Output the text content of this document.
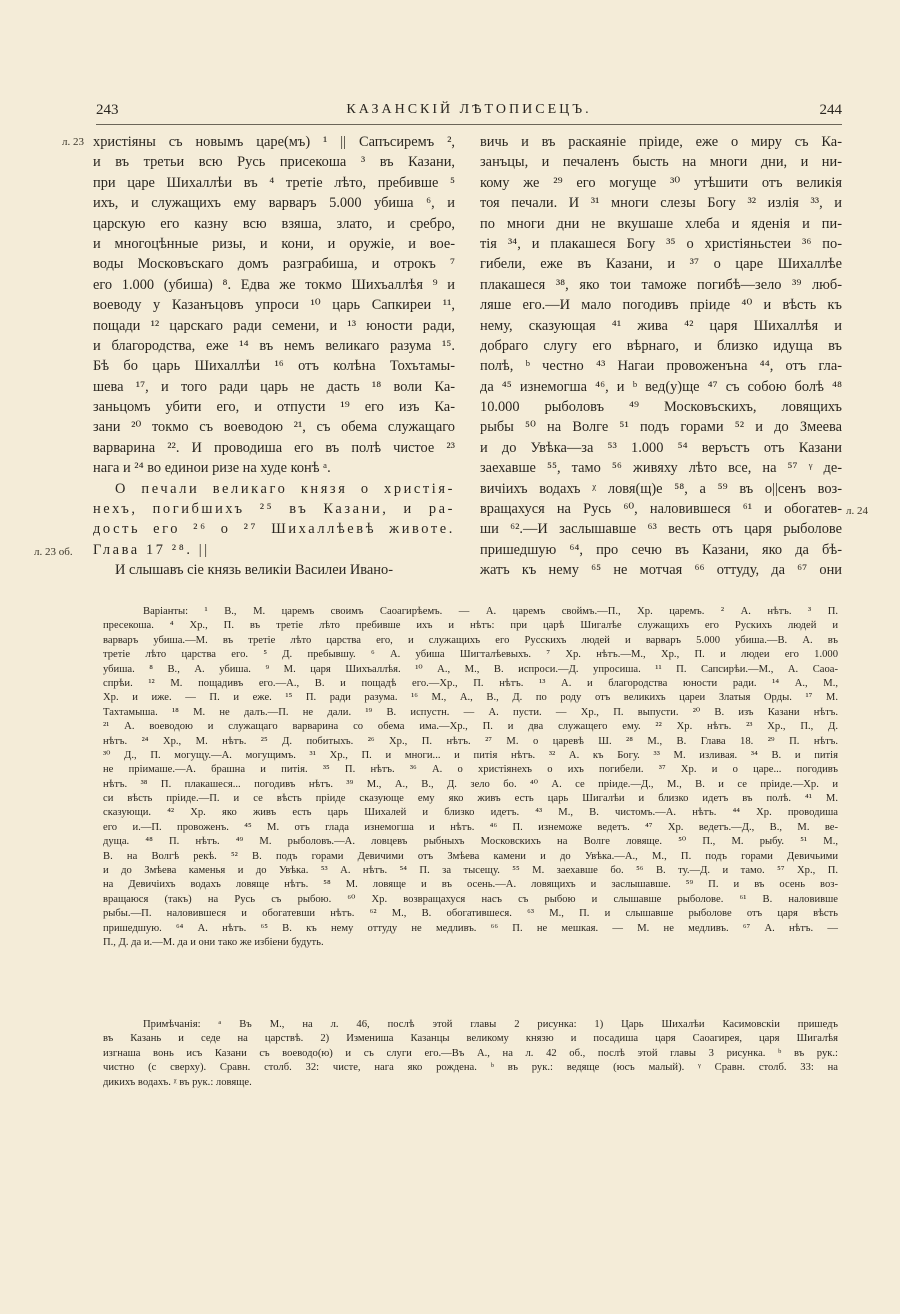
243	КАЗАНСКІЙ ЛѢТОПИСЕЦЪ.	244
л. 23
л. 23 об.
л. 24
христіяны съ новымъ царе(мъ) ¹ || Сапъсиремъ ²,
и въ третьи всю Русь присекоша ³ въ Казани,
при царе Шихаллѣи въ ⁴ третіе лѣто, пребивше ⁵
ихъ, и служащихъ ему варваръ 5.000 убиша ⁶, и
царскую его казну всю взяша, злато, и сребро,
и многоцѣнные ризы, и кони, и оружіе, и вое-
воды Московъскаго домъ разграбиша, и отрокъ ⁷
его 1.000 (убиша) ⁸. Едва же токмо Шихъаллѣя ⁹ и
воеводу у Казанъцовъ упроси ¹⁰ царь Сапкиреи ¹¹,
пощади ¹² царскаго ради семени, и ¹³ юности ради,
и благородства, еже ¹⁴ въ немъ великаго разума ¹⁵.
Бѣ бо царь Шихаллѣи ¹⁶ отъ колѣна Тохътамы-
шева ¹⁷, и того ради царь не дасть ¹⁸ воли Ка-
заньцомъ убити его, и отпусти ¹⁹ его изъ Ка-
зани ²⁰ токмо съ воеводою ²¹, съ обема служащаго
варварина ²². И проводиша его въ полѣ чистое ²³
нага и ²⁴ во единои ризе на худе конѣ ᵃ.
О печали великаго князя о христія-
нехъ, погибшихъ ²⁵ въ Казани, и ра-
дость его ²⁶ о ²⁷ Шихаллѣевѣ животе.
Глава 17 ²⁸. ||
И слышавъ сіе князь великіи Василеи Ивано-
вичь и въ раскаяніе пріиде, еже о миру съ Ка-
занъцы, и печаленъ бысть на многи дни, и ни-
кому же ²⁹ его могуще ³⁰ утѣшити отъ великія
тоя печали. И ³¹ многи слезы Богу ³² излія ³³, и
по многи дни не вкушаше хлеба и яденія и пи-
тія ³⁴, и плакашеся Богу ³⁵ о христіяньстеи ³⁶ по-
гибели, еже въ Казани, и ³⁷ о царе Шихаллѣе
плакашеся ³⁸, яко тои таможе погибѣ—зело ³⁹ люб-
ляше его.—И мало погодивъ пріиде ⁴⁰ и вѣсть къ
нему, сказующая ⁴¹ жива ⁴² царя Шихаллѣя и
добраго слугу его вѣрнаго, и близко идуща въ
полѣ, ᵇ честно ⁴³ Нагаи провоженъна ⁴⁴, отъ гла-
да ⁴⁵ изнемогша ⁴⁶, и ᵇ вед(у)ще ⁴⁷ съ собою болѣ ⁴⁸
10.000 рыболовъ ⁴⁹ Московъскихъ, ловящихъ
рыбы ⁵⁰ на Волге ⁵¹ подъ горами ⁵² и до Змеева
и до Увѣка—за ⁵³ 1.000 ⁵⁴ веръстъ отъ Казани
заехавше ⁵⁵, тамо ⁵⁶ живяху лѣто все, на ⁵⁷ ᵞ де-
вичіихъ водахъ ᵡ ловя(щ)е ⁵⁸, а ⁵⁹ въ о||сенъ воз-
вращахуся на Русь ⁶⁰, наловившеся ⁶¹ и обогатев-
ши ⁶².—И заслышавше ⁶³ весть отъ царя рыболове
пришедшую ⁶⁴, про сечю въ Казани, яко да бѣ-
жатъ къ нему ⁶⁵ не мотчая ⁶⁶ оттуду, да ⁶⁷ они
Варіанты: ¹ В., М. царемъ своимъ Саоагирѣемъ. — А. царемъ своймъ.—П., Хр. царемъ. ² А. нѣтъ. ³ П.
пресекоша. ⁴ Хр., П. въ третіе лѣто пребивше ихъ и нѣтъ: при царѣ Шигалѣе служащихъ его Рускихъ людей и
варваръ убиша.—М. въ третіе лѣто царства его, и служащихъ его Русскихъ людей и варваръ 5.000 убиша.—В. А. въ
третіе лѣто царства его. ⁵ Д. пребывшу. ⁶ А. убиша Шигталѣевыхъ. ⁷ Хр. нѣтъ.—М., Хр., П. и людеи его 1.000
убиша. ⁸ В., А. убиша. ⁹ М. царя Шихъаллѣя. ¹⁰ А., М., В. испроси.—Д. упросиша. ¹¹ П. Сапсирѣи.—М., А. Саоа-
спрѣи. ¹² М. пощадивъ его.—А., В. и пощадѣ его.—Хр., П. нѣтъ. ¹³ А. и благородства юности ради. ¹⁴ А., М.,
Хр. и иже. — П. и еже. ¹⁵ П. ради разума. ¹⁶ М., А., В., Д. по роду отъ великихъ цареи Златыя Орды. ¹⁷ М.
Тахтамыша. ¹⁸ М. не далъ.—П. не дали. ¹⁹ В. испустн. — А. пусти. — Хр., П. выпусти. ²⁰ В. изъ Казани нѣтъ.
²¹ А. воеводою и служащаго варварина со обема има.—Хр., П. и два служащего ему. ²² Хр. нѣтъ. ²³ Хр., П., Д.
нѣтъ. ²⁴ Хр., М. нѣтъ. ²⁵ Д. побитыхъ. ²⁶ Хр., П. нѣтъ. ²⁷ М. о царевѣ Ш. ²⁸ М., В. Глава 18. ²⁹ П. нѣтъ.
³⁰ Д., П. могущу.—А. могущимъ. ³¹ Хр., П. и многи... и питія нѣтъ. ³² А. къ Богу. ³³ М. изливая. ³⁴ В. и питія
не пріимаше.—А. брашна и питія. ³⁵ П. нѣтъ. ³⁶ А. о христіянехъ о ихъ погибели. ³⁷ Хр. и о царе... погодивъ
нѣтъ. ³⁸ П. плакашеся... погодивъ нѣтъ. ³⁹ М., А., В., Д. зело бо. ⁴⁰ А. се пріиде.—Д., М., В. и се пріиде.—Хр. и
си вѣсть пріиде.—П. и се вѣсть пріиде сказующе ему яко живъ есть царь Шигалѣи и близко идетъ въ полѣ. ⁴¹ М.
сказующи. ⁴² Хр. яко живъ есть царь Шихалей и близко идетъ. ⁴³ М., В. чистомъ.—А. нѣтъ. ⁴⁴ Хр. проводиша
его и.—П. провоженъ. ⁴⁵ М. отъ глада изнемогша и нѣтъ. ⁴⁶ П. изнеможе ведетъ. ⁴⁷ Хр. ведетъ.—Д., В., М. ве-
дуща. ⁴⁸ П. нѣтъ. ⁴⁹ М. рыболовъ.—А. ловцевъ рыбныхъ Московскихъ на Волге ловяще. ⁵⁰ П., М. рыбу. ⁵¹ М.,
В. на Волгѣ рекѣ. ⁵² В. подъ горами Девичими отъ Змѣева камени и до Увѣка.—А., М., П. подъ горами Девичьими
и до Змѣева каменья и до Увѣка. ⁵³ А. нѣтъ. ⁵⁴ П. за тысещу. ⁵⁵ М. заехавше бо. ⁵⁶ В. ту.—Д. и тамо. ⁵⁷ Хр., П.
на Девичіихъ водахъ ловяще нѣтъ. ⁵⁸ М. ловяще и въ осень.—А. ловящихъ и заслышавше. ⁵⁹ П. и въ осень воз-
вращаюся (такъ) на Русь съ рыбою. ⁶⁰ Хр. возвращахуся насъ съ рыбою и слышавше рыболове. ⁶¹ В. наловивше
рыбы.—П. наловившеся и обогатевши нѣтъ. ⁶² М., В. обогатившеся. ⁶³ М., П. и слышавше рыболове отъ царя вѣсть
пришедшую. ⁶⁴ А. нѣтъ. ⁶⁵ В. къ нему оттуду не медливъ. ⁶⁶ П. не мешкая. — М. не медливъ. ⁶⁷ А. нѣтъ. —
П., Д. да и.—М. да и они тако же избіени будуть.
Примѣчанія: ᵃ Въ М., на л. 46, послѣ этой главы 2 рисунка: 1) Царь Шихалѣи Касимовскіи пришедъ
въ Казань и седе на царствѣ. 2) Измениша Казанцы великому князю и посадиша царя Саоагирея, царя Шигалѣя
изгнаша вонь исъ Казани съ воеводо(ю) и съ слуги его.—Въ А., на л. 42 об., послѣ этой главы 3 рисунка. ᵇ въ рук.:
чистно (с сверху). Сравн. столб. 32: чисте, нага яко рождена. ᵇ въ рук.: ведяще (юсъ малый). ᵞ Сравн. столб. 33: на
дикихъ водахъ. ᵡ въ рук.: ловяще.
